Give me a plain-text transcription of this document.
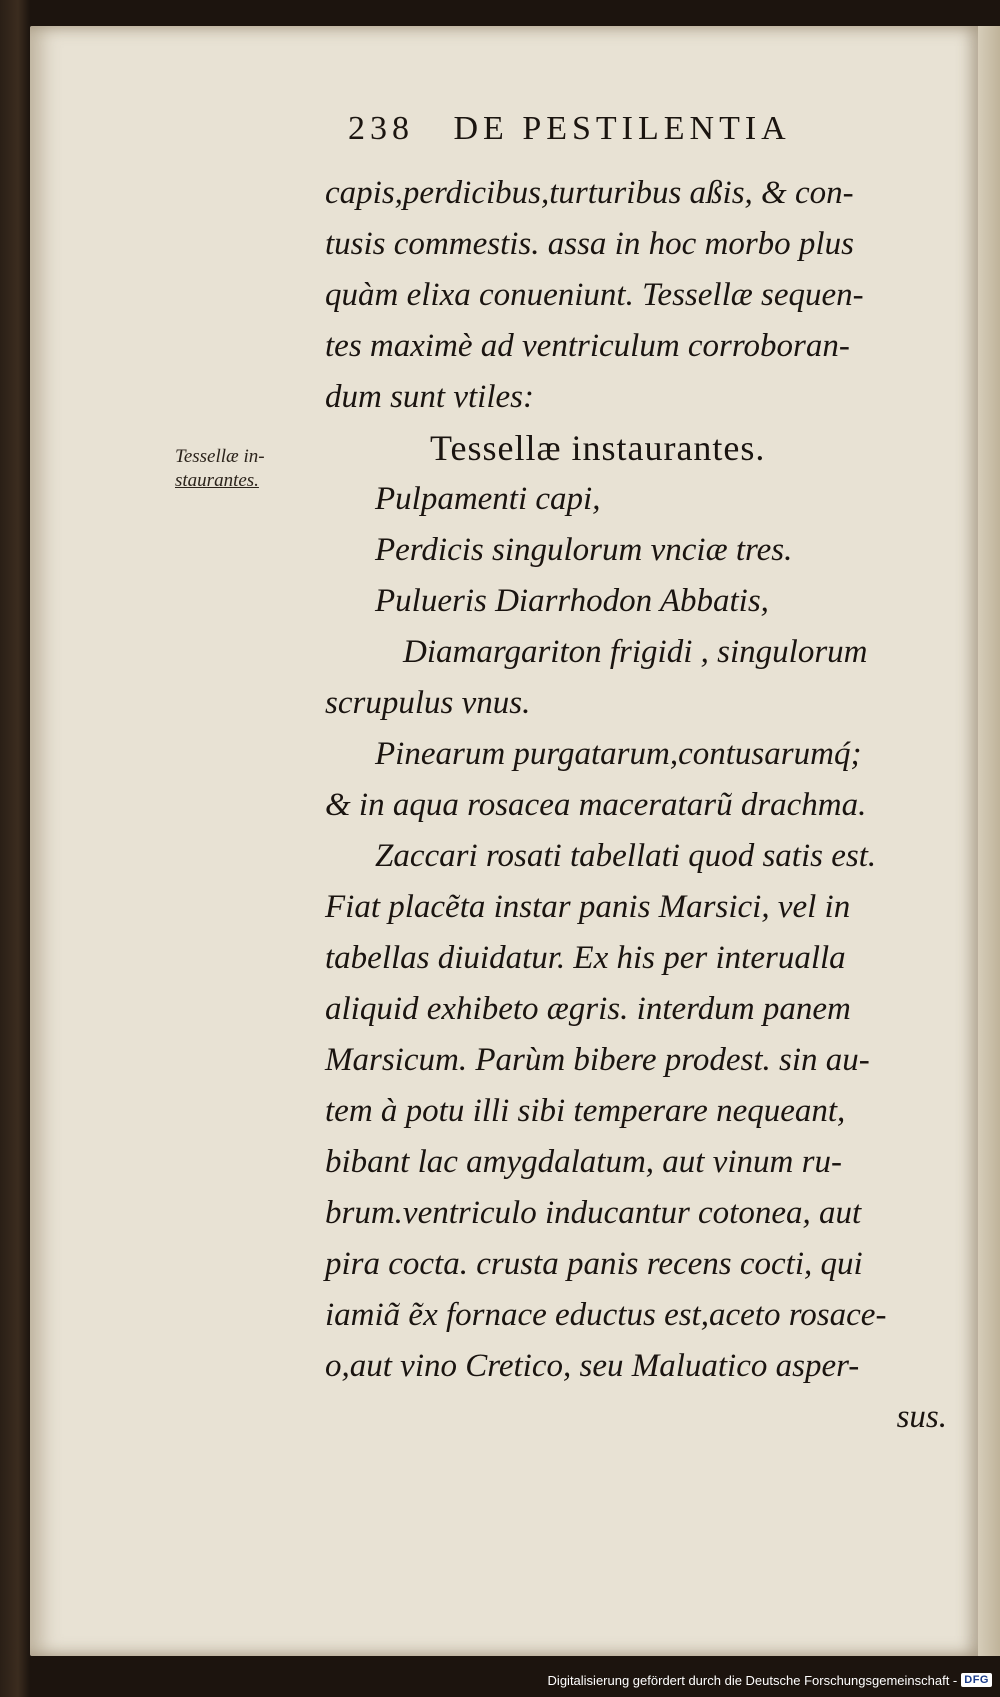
238 DE PESTILENTIA
Tessellæ in-
staurantes.
capis,perdicibus,turturibus aßis, & con-
tusis commestis. assa in hoc morbo plus
quàm elixa conueniunt. Tessellæ sequen-
tes maximè ad ventriculum corroboran-
dum sunt vtiles:
Tessellæ instaurantes.
Pulpamenti capi,
Perdicis singulorum vnciæ tres.
Pulueris Diarrhodon Abbatis,
Diamargariton frigidi , singulorum
scrupulus vnus.
Pinearum purgatarum,contusarumq́;
& in aqua rosacea maceratarũ drachma.
Zaccari rosati tabellati quod satis est.
Fiat placẽta instar panis Marsici, vel in
tabellas diuidatur. Ex his per interualla
aliquid exhibeto ægris. interdum panem
Marsicum. Parùm bibere prodest. sin au-
tem à potu illi sibi temperare nequeant,
bibant lac amygdalatum, aut vinum ru-
brum.ventriculo inducantur cotonea, aut
pira cocta. crusta panis recens cocti, qui
iamiã ẽx fornace eductus est,aceto rosace-
o,aut vino Cretico, seu Maluatico asper-
sus.
Digitalisierung gefördert durch die Deutsche Forschungsgemeinschaft - DFG
